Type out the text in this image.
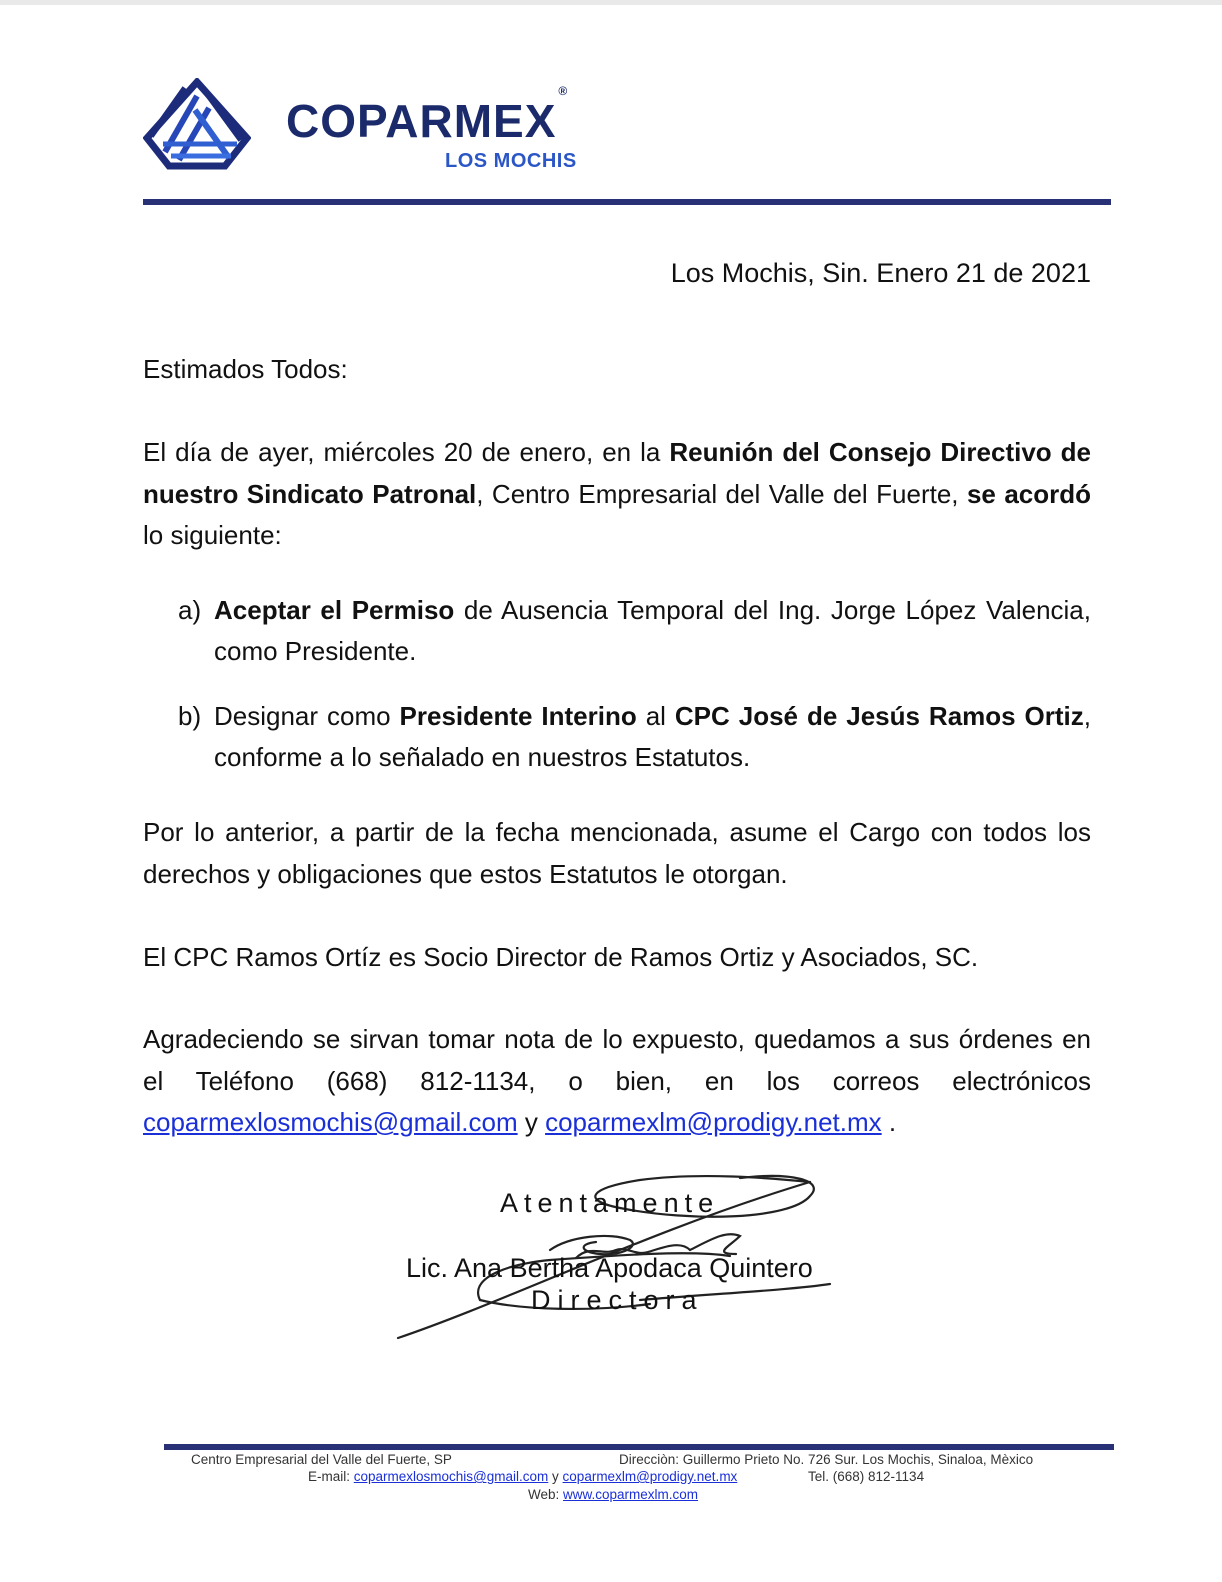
COPARMEX®
LOS MOCHIS
Los Mochis, Sin. Enero 21 de 2021
Estimados Todos:
El día de ayer, miércoles 20 de enero, en la Reunión del Consejo Directivo de nuestro Sindicato Patronal, Centro Empresarial del Valle del Fuerte, se acordó lo siguiente:
a) Aceptar el Permiso de Ausencia Temporal del Ing. Jorge López Valencia, como Presidente.
b) Designar como Presidente Interino al CPC José de Jesús Ramos Ortiz, conforme a lo señalado en nuestros Estatutos.
Por lo anterior, a partir de la fecha mencionada, asume el Cargo con todos los derechos y obligaciones que estos Estatutos le otorgan.
El CPC Ramos Ortíz es Socio Director de Ramos Ortiz y Asociados, SC.
Agradeciendo se sirvan tomar nota de lo expuesto, quedamos a sus órdenes en el Teléfono (668) 812-1134, o bien, en los correos electrónicos coparmexlosmochis@gmail.com y coparmexlm@prodigy.net.mx .
Atentamente
Lic. Ana Bertha Apodaca Quintero
Directora
Centro Empresarial del Valle del Fuerte, SP	Direcciòn: Guillermo Prieto No. 726 Sur. Los Mochis, Sinaloa, Mèxico
E-mail: coparmexlosmochis@gmail.com y coparmexlm@prodigy.net.mx	Tel. (668) 812-1134
Web: www.coparmexlm.com
